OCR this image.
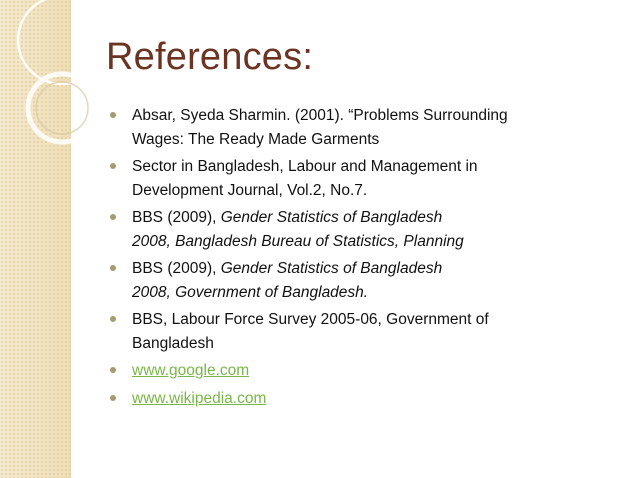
References:
Absar, Syeda Sharmin. (2001). “Problems Surrounding
Wages: The Ready Made Garments
Sector in Bangladesh, Labour and Management in
Development Journal, Vol.2, No.7.
BBS (2009), Gender Statistics of Bangladesh
2008, Bangladesh Bureau of Statistics, Planning
BBS (2009), Gender Statistics of Bangladesh
2008, Government of Bangladesh.
BBS, Labour Force Survey 2005-06, Government of
Bangladesh
www.google.com
www.wikipedia.com
